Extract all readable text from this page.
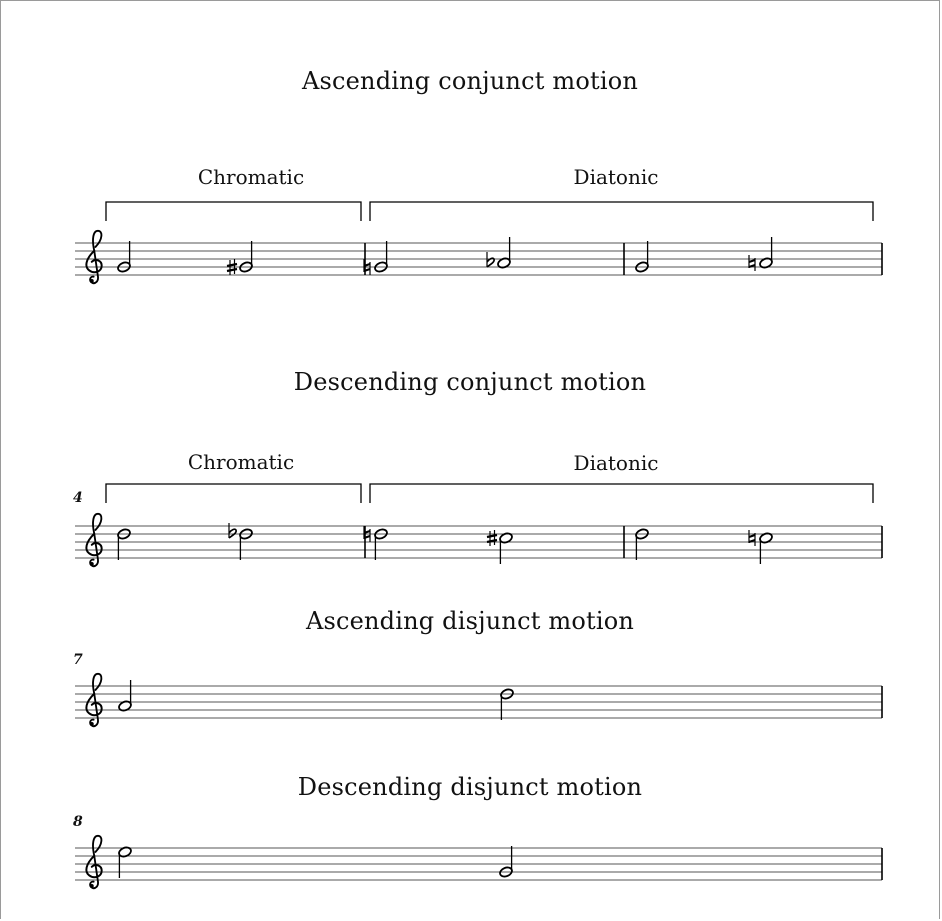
Ascending conjunct motion
Chromatic	Diatonic
Descending conjunct motion
Chromatic	Diatonic
4
Ascending disjunct motion
7
Descending disjunct motion
8
